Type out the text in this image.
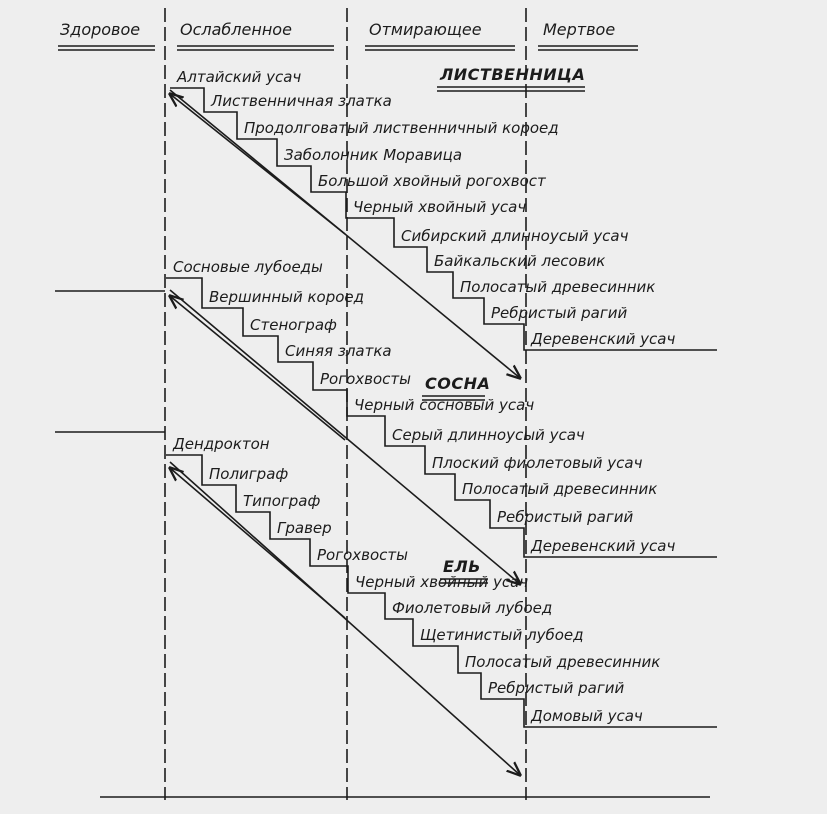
Здоровое Ослабленное	Отмирающее	Мертвое
Алтайский усач
Лиственничная златка
Продолговатый лиственничный короед
Заболонник Моравица
Большой хвойный рогохвост
Черный хвойный усач
Сибирский длинноусый усач
Байкальский лесовик
Полосатый древесинник
Ребристый рагий
Деревенский усач
ЛИСТВЕННИЦА
Сосновые лубоеды
Вершинный короед
Стенограф
Синяя златка
Рогохвосты
Черный сосновый усач
Серый длинноусый усач
Плоский фиолетовый усач
Полосатый древесинник
Ребристый рагий
Деревенский усач
СОСНА
Дендроктон
Полиграф
Типограф
Гравер
Рогохвосты
Черный хвойный усач
Фиолетовый лубоед
Щетинистый лубоед
Полосатый древесинник
Ребристый рагий
Домовый усач
ЕЛЬ
